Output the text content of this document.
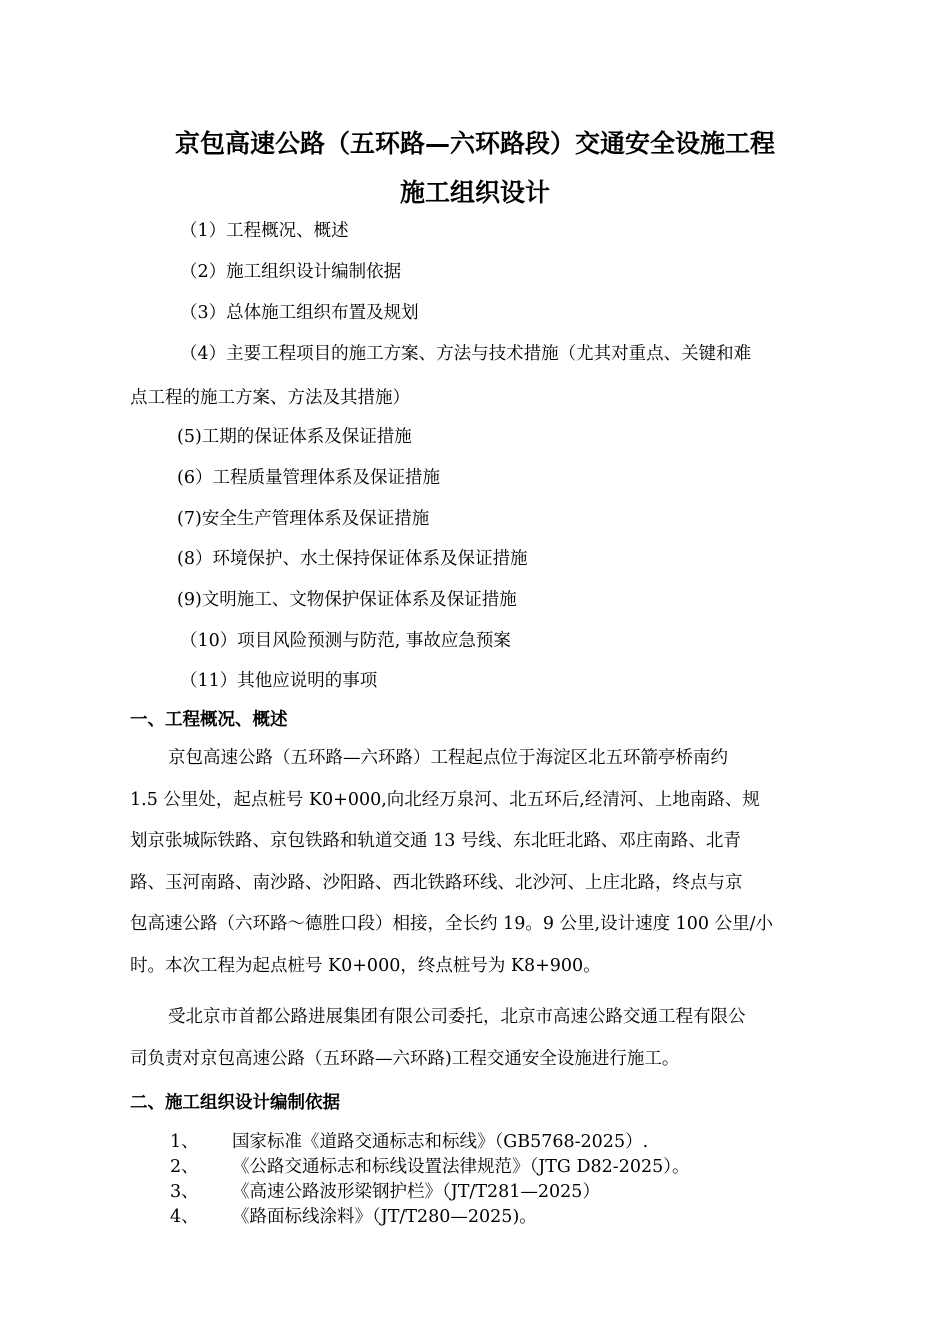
京包高速公路（五环路—六环路段）交通安全设施工程
施工组织设计
（1）工程概况、概述
（2）施工组织设计编制依据
（3）总体施工组织布置及规划
（4）主要工程项目的施工方案、方法与技术措施（尤其对重点、关键和难
点工程的施工方案、方法及其措施）
(5)工期的保证体系及保证措施
(6）工程质量管理体系及保证措施
(7)安全生产管理体系及保证措施
(8）环境保护、水土保持保证体系及保证措施
(9)文明施工、文物保护保证体系及保证措施
（10）项目风险预测与防范, 事故应急预案
（11）其他应说明的事项
一、工程概况、概述
京包高速公路（五环路—六环路）工程起点位于海淀区北五环箭亭桥南约
1.5 公里处，起点桩号 K0+000,向北经万泉河、北五环后,经清河、上地南路、规
划京张城际铁路、京包铁路和轨道交通 13 号线、东北旺北路、邓庄南路、北青
路、玉河南路、南沙路、沙阳路、西北铁路环线、北沙河、上庄北路，终点与京
包高速公路（六环路～德胜口段）相接，全长约 19。9 公里,设计速度 100 公里/小
时。本次工程为起点桩号 K0+000，终点桩号为 K8+900。
受北京市首都公路进展集团有限公司委托，北京市高速公路交通工程有限公
司负责对京包高速公路（五环路—六环路)工程交通安全设施进行施工。
二、施工组织设计编制依据
1、	国家标准《道路交通标志和标线》（GB5768-2025）.
2、	《公路交通标志和标线设置法律规范》（JTG D82-2025）。
3、	《高速公路波形梁钢护栏》（JT/T281—2025）
4、	《路面标线涂料》（JT/T280—2025)。
